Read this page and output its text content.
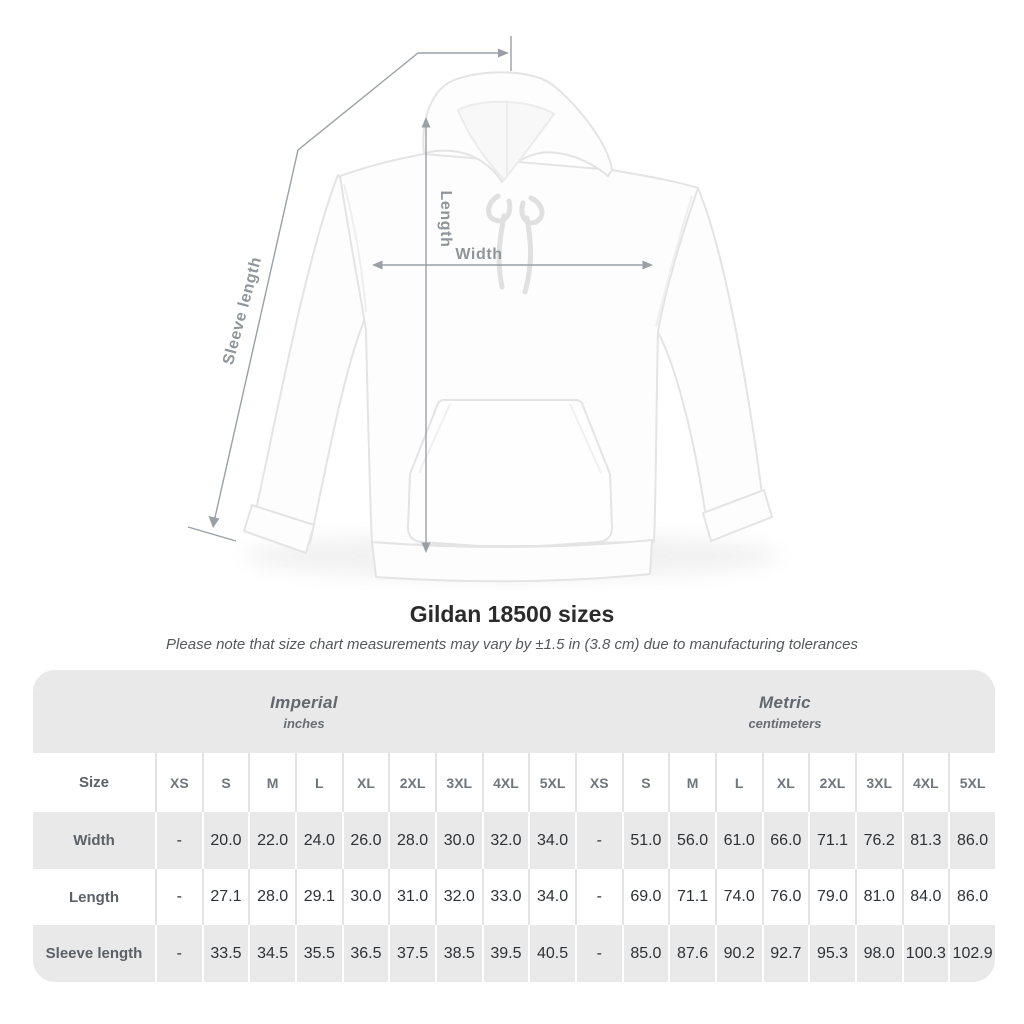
Sleeve length
Length
Width
Gildan 18500 sizes
Please note that size chart measurements may vary by ±1.5 in (3.8 cm) due to manufacturing tolerances
Imperial
inches

Metric
centimeters

Size	XS	S	M	L	XL	2XL	3XL	4XL	5XL	XS	S	M	L	XL	2XL	3XL	4XL	5XL
Width	-	20.0	22.0	24.0	26.0	28.0	30.0	32.0	34.0	-	51.0	56.0	61.0	66.0	71.1	76.2	81.3	86.0
Length	-	27.1	28.0	29.1	30.0	31.0	32.0	33.0	34.0	-	69.0	71.1	74.0	76.0	79.0	81.0	84.0	86.0
Sleeve length	-	33.5	34.5	35.5	36.5	37.5	38.5	39.5	40.5	-	85.0	87.6	90.2	92.7	95.3	98.0	100.3	102.9
